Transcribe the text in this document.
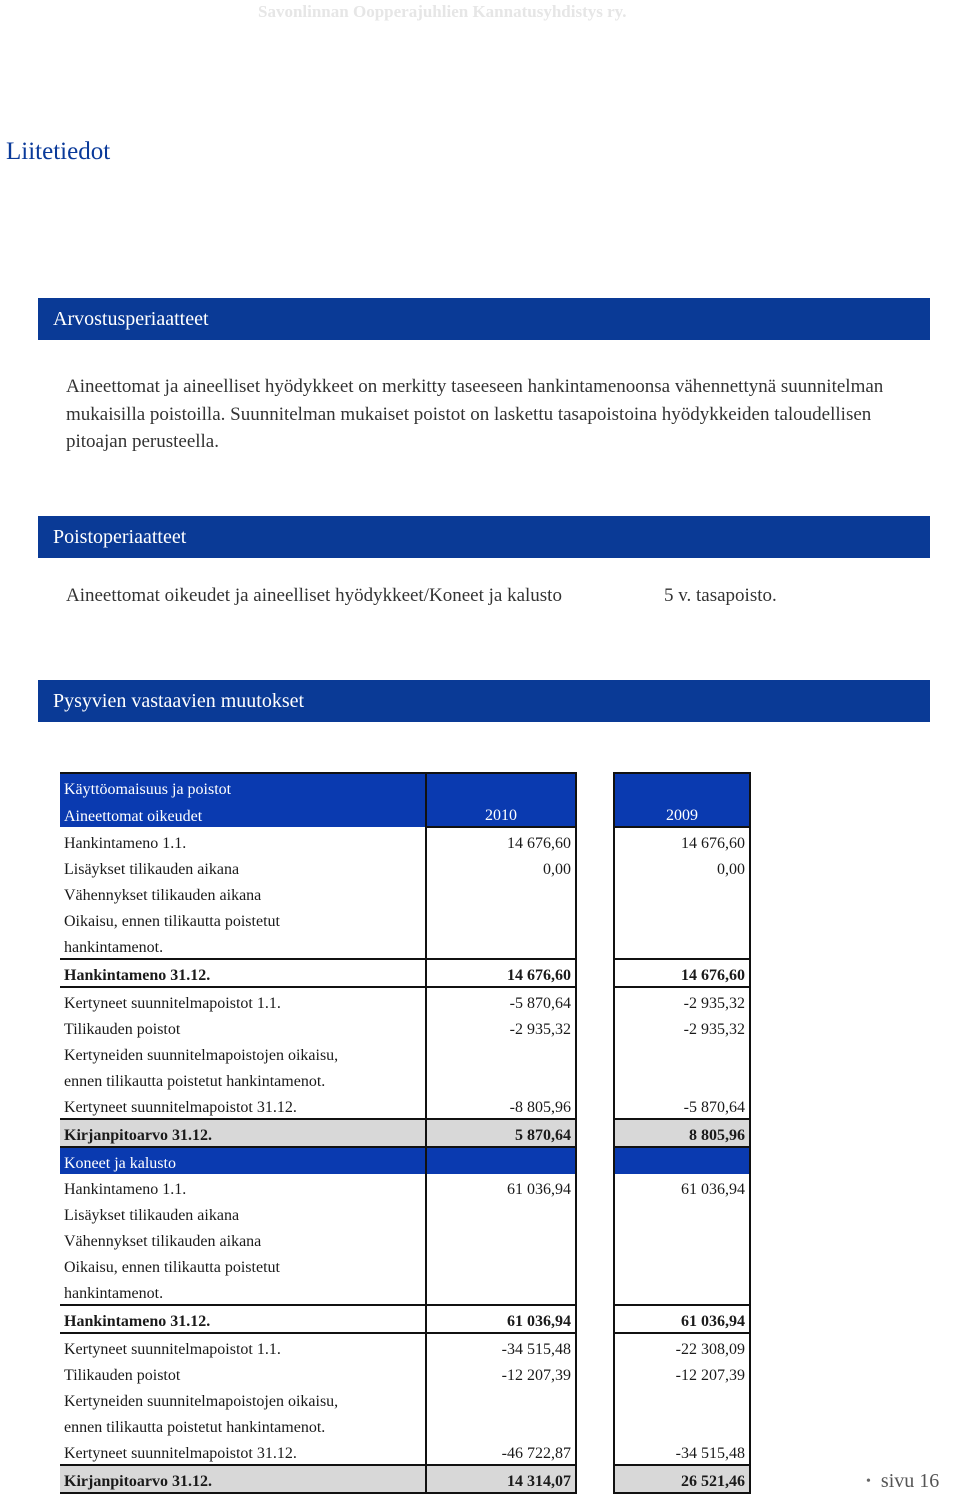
Savonlinnan Oopperajuhlien Kannatusyhdistys ry.
Liitetiedot
Arvostusperiaatteet
Aineettomat ja aineelliset hyödykkeet on merkitty taseeseen hankintamenoonsa vähennettynä suunnitelman mukaisilla poistoilla. Suunnitelman mukaiset poistot on laskettu tasapoistoina hyödykkeiden taloudellisen pitoajan perusteella.
Poistoperiaatteet
Aineettomat oikeudet ja aineelliset hyödykkeet/Koneet ja kalusto	5 v. tasapoisto.
Pysyvien vastaavien muutokset
Käyttöomaisuus ja poistot			
Aineettomat oikeudet	2010		2009
Hankintameno 1.1.	14 676,60		14 676,60
Lisäykset tilikauden aikana	0,00		0,00
Vähennykset tilikauden aikana			
Oikaisu, ennen tilikautta poistetut			
hankintamenot.			
Hankintameno 31.12.	14 676,60		14 676,60
Kertyneet suunnitelmapoistot 1.1.	-5 870,64		-2 935,32
Tilikauden poistot	-2 935,32		-2 935,32
Kertyneiden suunnitelmapoistojen oikaisu,			
ennen tilikautta poistetut hankintamenot.			
Kertyneet suunnitelmapoistot 31.12.	-8 805,96		-5 870,64
Kirjanpitoarvo 31.12.	5 870,64		8 805,96
Koneet ja kalusto			
Hankintameno 1.1.	61 036,94		61 036,94
Lisäykset tilikauden aikana			
Vähennykset tilikauden aikana			
Oikaisu, ennen tilikautta poistetut			
hankintamenot.			
Hankintameno 31.12.	61 036,94		61 036,94
Kertyneet suunnitelmapoistot 1.1.	-34 515,48		-22 308,09
Tilikauden poistot	-12 207,39		-12 207,39
Kertyneiden suunnitelmapoistojen oikaisu,			
ennen tilikautta poistetut hankintamenot.			
Kertyneet suunnitelmapoistot 31.12.	-46 722,87		-34 515,48
Kirjanpitoarvo 31.12.	14 314,07		26 521,46	• sivu 16
